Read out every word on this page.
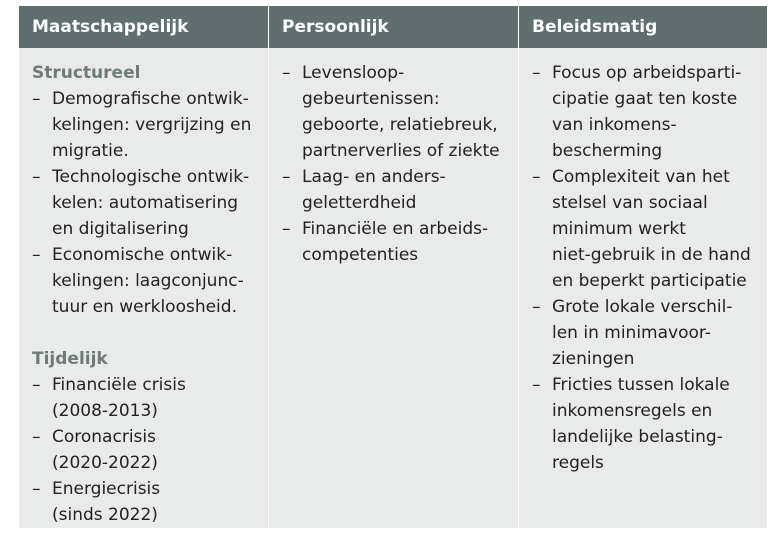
Maatschappelijk	Persoonlijk	Beleidsmatig
Structureel
– Demografische ontwik-
kelingen: vergrijzing en
migratie.
– Technologische ontwik-
kelen: automatisering
en digitalisering
– Economische ontwik-
kelingen: laagconjunc-
tuur en werkloosheid.
Tijdelijk
– Financiële crisis
(2008-2013)
– Coronacrisis
(2020-2022)
– Energiecrisis
(sinds 2022)
– Levensloop-
gebeurtenissen:
geboorte, relatiebreuk,
partnerverlies of ziekte
– Laag- en anders-
geletterdheid
– Financiële en arbeids-
competenties
– Focus op arbeidsparti-
cipatie gaat ten koste
van inkomens-
bescherming
– Complexiteit van het
stelsel van sociaal
minimum werkt
niet-gebruik in de hand
en beperkt participatie
– Grote lokale verschil-
len in minimavoor-
zieningen
– Fricties tussen lokale
inkomensregels en
landelijke belasting-
regels
